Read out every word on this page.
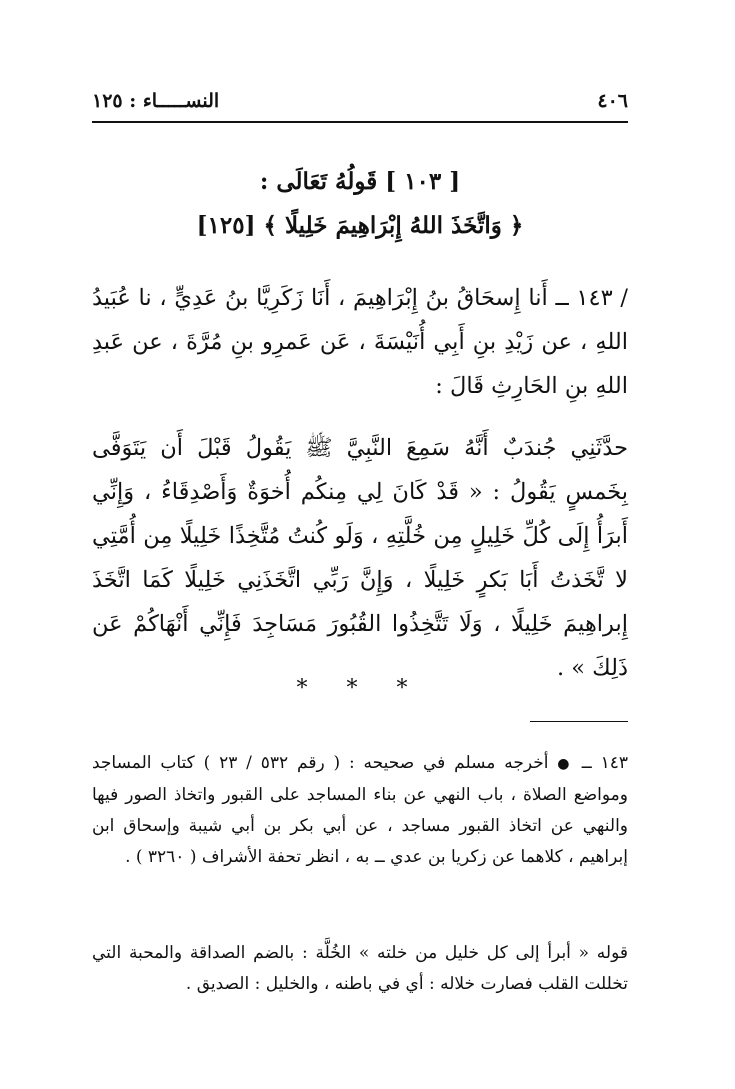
٤٠٦
النســـــاء : ١٢٥
[ ١٠٣ ] قَولُهُ تَعَالَى :
﴿ وَاتَّخَذَ اللهُ إِبْرَاهِيمَ خَلِيلًا ﴾ [١٢٥]

/ ١٤٣ ــ أَنا إِسحَاقُ بنُ إِبْرَاهِيمَ ، أَنَا زَكَرِيَّا بنُ عَدِيٍّ ، نا عُبَيدُ اللهِ ، عن زَيْدِ بنِ أَبِي أُنَيْسَةَ ، عَن عَمرِو بنِ مُرَّةَ ، عن عَبدِ اللهِ بنِ الحَارِثِ قَالَ :

حدَّثَنِي جُندَبٌ أَنَّهُ سَمِعَ النَّبِيَّ ﷺ يَقُولُ قَبْلَ أَن يَتَوَفَّى بِخَمسٍ يَقُولُ : « قَدْ كَانَ لِي مِنكُم أُخوَةٌ وَأَصْدِقَاءُ ، وَإِنِّي أَبرَأُ إِلَى كُلِّ خَلِيلٍ مِن خُلَّتِهِ ، وَلَو كُنتُ مُتَّخِذًا خَلِيلًا مِن أُمَّتِي لا تَّخَذتُ أَبَا بَكرٍ خَلِيلًا ، وَإِنَّ رَبِّي اتَّخَذَنِي خَلِيلًا كَمَا اتَّخَذَ إِبراهِيمَ خَلِيلًا ، وَلَا تَتَّخِذُوا القُبُورَ مَسَاجِدَ فَإِنِّي أَنْهَاكُمْ عَن ذَلِكَ » .

* * *

١٤٣ ــ ● أخرجه مسلم في صحيحه : ( رقم ٥٣٢ / ٢٣ ) كتاب المساجد ومواضع الصلاة ، باب النهي عن بناء المساجد على القبور واتخاذ الصور فيها والنهي عن اتخاذ القبور مساجد ، عن أبي بكر بن أبي شيبة وإسحاق ابن إبراهيم ، كلاهما عن زكريا بن عدي ــ به ، انظر تحفة الأشراف ( ٣٢٦٠ ) .

قوله « أبرأ إلى كل خليل من خلته » الخُلَّة : بالضم الصداقة والمحبة التي تخللت القلب فصارت خلاله : أي في باطنه ، والخليل : الصديق .
